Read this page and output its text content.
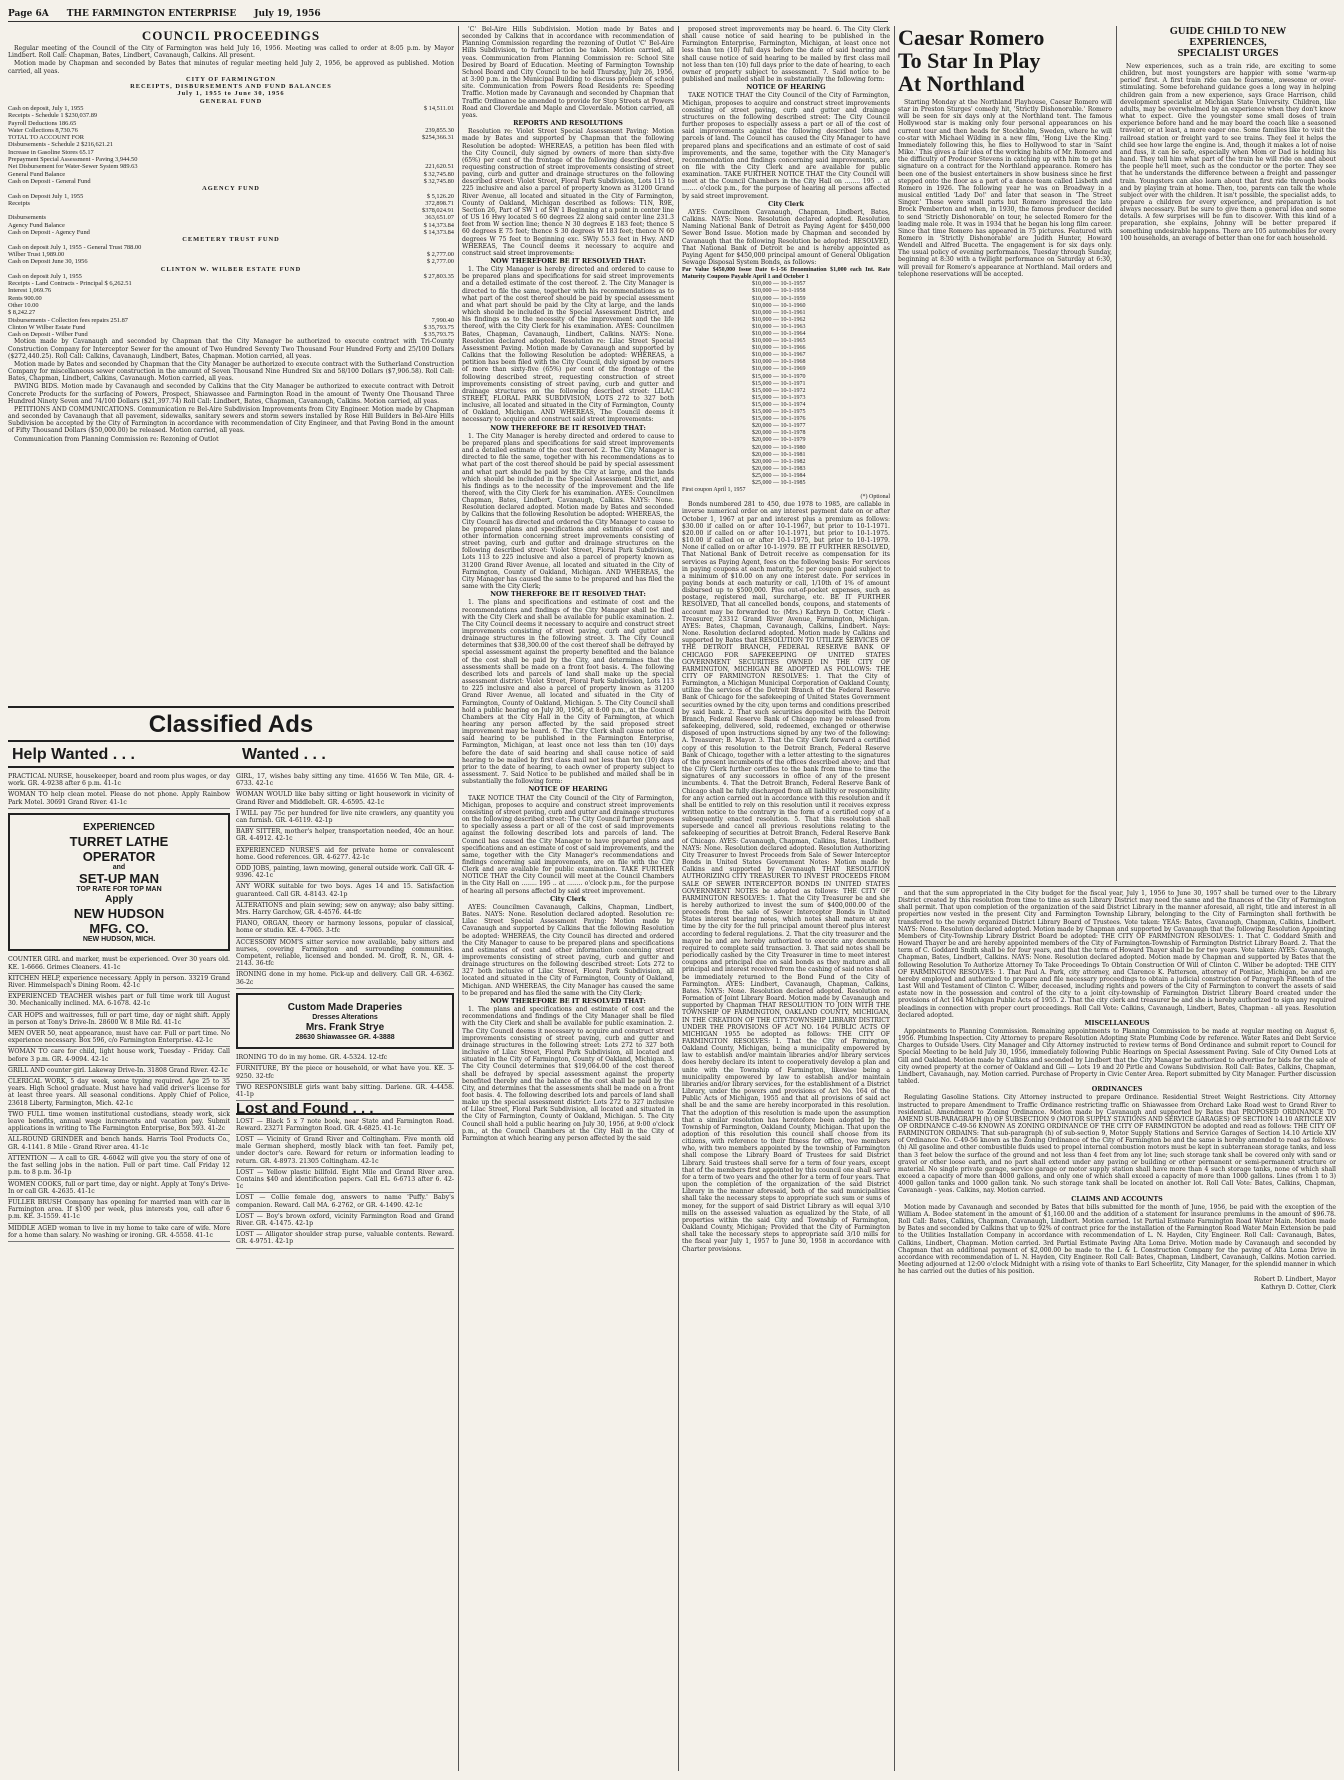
Page 6A THE FARMINGTON ENTERPRISE July 19, 1956
COUNCIL PROCEEDINGS

Regular meeting of the Council of the City of Farmington was held July 16, 1956. Meeting was called to order at 8:05 p.m. by Mayor Lindbert. Roll Call: Chapman, Bates, Lindbert, Cavanaugh, Calkins. All present.

Motion made by Chapman and seconded by Bates that minutes of regular meeting held July 2, 1956, be approved as published. Motion carried, all yeas.

CITY OF FARMINGTON
RECEIPTS, DISBURSEMENTS AND FUND BALANCES
July 1, 1955 to June 30, 1956
GENERAL FUND
Cash on deposit, July 1, 1955	$ 14,511.01
Receipts - Schedule 1 $230,037.89
Payroll Deductions 186.65
Water Collections 8,730.76	239,855.30
TOTAL TO ACCOUNT FOR	$254,366.31
Disbursements - Schedule 2 $216,621.21
Increase in Gasoline Stores 65.17
Prepayment Special Assessment - Paving 3,944.50
Net Disbursement for Water-Sewer System 989.63	221,620.51
General Fund Balance	$ 32,745.80
Cash on Deposit - General Fund	$ 32,745.80
AGENCY FUND
Cash on Deposit July 1, 1955	$ 5,126.20
Receipts	372,898.71
$378,024.91
Disbursements	363,651.07
Agency Fund Balance	$ 14,373.84
Cash on Deposit - Agency Fund	$ 14,373.84
CEMETERY TRUST FUND
Cash on deposit July 1, 1955 - General Trust 788.00
Wilber Trust 1,989.00	$ 2,777.00
Cash on Deposit June 30, 1956	$ 2,777.00
CLINTON W. WILBER ESTATE FUND
Cash on deposit July 1, 1955	$ 27,803.35
Receipts - Land Contracts - Principal $ 6,262.51
Interest 1,069.76
Rents 900.00
Other 10.00
$ 8,242.27
Disbursements - Collection fees repairs 251.87	7,990.40
Clinton W Wilber Estate Fund	$ 35,793.75
Cash on Deposit - Wilber Fund	$ 35,793.75

Motion made by Cavanaugh and seconded by Chapman that the City Manager be authorized to execute contract with Tri-County Construction Company for Interceptor Sewer for the amount of Two Hundred Seventy Two Thousand Four Hundred Forty and 25/100 Dollars ($272,440.25). Roll Call: Calkins, Cavanaugh, Lindbert, Bates, Chapman. Motion carried, all yeas.

Motion made by Bates and seconded by Chapman that the City Manager be authorized to execute contract with the Sutherland Construction Company for miscellaneous sewer construction in the amount of Seven Thousand Nine Hundred Six and 58/100 Dollars ($7,906.58). Roll Call: Bates, Chapman, Lindbert, Calkins, Cavanaugh. Motion carried, all yeas.

PAVING BIDS. Motion made by Cavanaugh and seconded by Calkins that the City Manager be authorized to execute contract with Detroit Concrete Products for the surfacing of Powers, Prospect, Shiawassee and Farmington Road in the amount of Twenty One Thousand Three Hundred Ninety Seven and 74/100 Dollars ($21,397.74) Roll Call: Lindbert, Bates, Chapman, Cavanaugh, Calkins. Motion carried, all yeas.

PETITIONS AND COMMUNICATIONS. Communication re Bel-Aire Subdivision Improvements from City Engineer. Motion made by Chapman and seconded by Cavanaugh that all pavement, sidewalks, sanitary sewers and storm sewers installed by Rose Hill Builders in Bel-Aire Hills Subdivision be accepted by the City of Farmington in accordance with recommendation of City Engineer, and that Paving Bond in the amount of Fifty Thousand Dollars ($50,000.00) be released. Motion carried, all yeas.

Communication from Planning Commission re: Rezoning of Outlot

Classified Ads
Help Wanted . . .	Wanted . . .
PRACTICAL NURSE, housekeeper, board and room plus wages, or day work. GR. 4-9238 after 6 p.m. 41-1c
WOMAN TO help clean motel. Please do not phone. Apply Rainbow Park Motel. 30691 Grand River. 41-1c
EXPERIENCED
TURRET LATHE
OPERATOR
and
SET-UP MAN
TOP RATE FOR TOP MAN
Apply
NEW HUDSON
MFG. CO.
NEW HUDSON, MICH.
COUNTER GIRL and marker, must be experienced. Over 30 years old. KE. 1-6666. Grimes Cleaners. 41-1c
KITCHEN HELP, experience necessary. Apply in person. 33219 Grand River. Himmelspach's Dining Room. 42-1c
EXPERIENCED TEACHER wishes part or full time work till August 30. Mechanically inclined. MA. 6-1678. 42-1c
CAR HOPS and waitresses, full or part time, day or night shift. Apply in person at Tony's Drive-In. 28600 W. 8 Mile Rd. 41-1c
MEN OVER 50, neat appearance, must have car. Full or part time. No experience necessary. Box 596, c/o Farmington Enterprise. 42-1c
WOMAN TO care for child, light house work, Tuesday - Friday. Call before 3 p.m. GR. 4-9094. 42-1c
GRILL AND counter girl. Lakeway Drive-In. 31808 Grand River. 42-1c
CLERICAL WORK, 5 day week, some typing required. Age 25 to 35 years. High School graduate. Must have had valid driver's license for at least three years. All seasonal conditions. Apply Chief of Police, 23618 Liberty, Farmington, Mich. 42-1c
TWO FULL time women institutional custodians, steady work, sick leave benefits, annual wage increments and vacation pay. Submit applications in writing to The Farmington Enterprise, Box 593. 41-2c
ALL-ROUND GRINDER and bench hands. Harris Tool Products Co., GR. 4-1141. 8 Mile - Grand River area. 41-1c
ATTENTION — A call to GR. 4-6042 will give you the story of one of the fast selling jobs in the nation. Full or part time. Call Friday 12 p.m. to 8 p.m. 36-1p
WOMEN COOKS, full or part time, day or night. Apply at Tony's Drive-In or call GR. 4-2635. 41-1c
FULLER BRUSH Company has opening for married man with car in Farmington area. If $100 per week, plus interests you, call after 6 p.m. KE. 3-1559. 41-1c
MIDDLE AGED woman to live in my home to take care of wife. More for a home than salary. No washing or ironing. GR. 4-5558. 41-1c
GIRL, 17, wishes baby sitting any time. 41656 W. Ten Mile, GR. 4-6733. 42-1c
WOMAN WOULD like baby sitting or light housework in vicinity of Grand River and Middlebelt. GR. 4-6595. 42-1c
I WILL pay 75c per hundred for live nite crawlers, any quantity you can furnish. GR. 4-6119. 42-1p
BABY SITTER, mother's helper, transportation needed, 40c an hour. GR. 4-4912. 42-1c
EXPERIENCED NURSE'S aid for private home or convalescent home. Good references. GR. 4-6277. 42-1c
ODD JOBS, painting, lawn mowing, general outside work. Call GR. 4-9396. 42-1c
ANY WORK suitable for two boys. Ages 14 and 15. Satisfaction guaranteed. Call GR. 4-8143. 42-1p
ALTERATIONS and plain sewing; sew on anyway; also baby sitting. Mrs. Harry Garchow, GR. 4-4576. 44-tfc
PIANO, ORGAN, theory or harmony lessons, popular of classical, home or studio. KE. 4-7065. 3-tfc
ACCESSORY MOM'S sitter service now available, baby sitters and nurses, covering Farmington and surrounding communities. Competent, reliable, licensed and bonded. M. Groff, R. N., GR. 4-2143. 36-tfc
IRONING done in my home. Pick-up and delivery. Call GR. 4-6362. 36-2c
Custom Made Draperies
Dresses Alterations
Mrs. Frank Strye
28630 Shiawassee GR. 4-3888
IRONING TO do in my home. GR. 4-5324. 12-tfc
FURNITURE, BY the piece or household, or what have you. KE. 3-9250. 32-tfc
TWO RESPONSIBLE girls want baby sitting. Darlene. GR. 4-4458. 41-1p
Lost and Found . . .
LOST — Black 5 x 7 note book, near State and Farmington Road. Reward. 23271 Farmington Road. GR. 4-6825. 41-1c
LOST — Vicinity of Grand River and Coltingham. Five month old male German shepherd, mostly black with tan feet. Family pet, under doctor's care. Reward for return or information leading to return. GR. 4-8973. 21305 Coltingham. 42-1c
LOST — Yellow plastic billfold. Eight Mile and Grand River area. Contains $40 and identification papers. Call EL. 6-6713 after 6. 42-1c
LOST — Collie female dog, answers to name 'Puffy.' Baby's companion. Reward. Call MA. 6-2762, or GR. 4-1490. 42-1c
LOST — Boy's brown oxford, vicinity Farmington Road and Grand River. GR. 4-1475. 42-1p
LOST — Alligator shoulder strap purse, valuable contents. Reward. GR. 4-9751. 42-1p

'C' Bel-Aire Hills Subdivision. Motion made by Bates and seconded by Calkins that in accordance with recommendation of Planning Commission regarding the rezoning of Outlot 'C' Bel-Aire Hills Subdivision, to further action be taken. Motion carried, all yeas. Communication from Planning Commission re: School Site Desired by Board of Education. Meeting of Farmington Township School Board and City Council to be held Thursday, July 26, 1956, at 3:00 p.m. in the Municipal Building to discuss problem of school site. Communication from Powers Road Residents re: Speeding Traffic. Motion made by Cavanaugh and seconded by Chapman that Traffic Ordinance be amended to provide for Stop Streets at Powers Road and Cloverdale and Maple and Cloverdale. Motion carried, all yeas.

REPORTS AND RESOLUTIONS

Resolution re: Violet Street Special Assessment Paving: Motion made by Bates and supported by Chapman that the following Resolution be adopted: WHEREAS, a petition has been filed with the City Council, duly signed by owners of more than sixty-five (65%) per cent of the frontage of the following described street, requesting construction of street improvements consisting of street paving, curb and gutter and drainage structures on the following described street: Violet Street, Floral Park Subdivision, Lots 113 to 225 inclusive and also a parcel of property known as 31200 Grand River Avenue, all located and situated in the City of Farmington, County of Oakland, Michigan described as follows: T1N, R9E, Section 26, Part of SW 1 of SW 1 Beginning at a point in center line of US 16 Hwy located S 60 degrees 22 along said center line 231.3 feet from W section line; thence N 30 degrees E 183 feet; thence S 60 degrees E 75 feet; thence S 30 degrees W 183 feet; thence N 60 degrees W 75 feet to Beginning exc. SWly 55.3 feet in Hwy. AND WHEREAS, The Council deems it necessary to acquire and construct said street improvements:

NOW THEREFORE BE IT RESOLVED THAT:

1. The City Manager is hereby directed and ordered to cause to be prepared plans and specifications for said street improvements and a detailed estimate of the cost thereof. 2. The City Manager is directed to file the same, together with his recommendations as to what part of the cost thereof should be paid by special assessment and what part should be paid by the City at large, and the lands which should be included in the Special Assessment District, and his findings as to the necessity of the improvement and the life thereof, with the City Clerk for his examination. AYES: Councilmen Bates, Chapman, Cavanaugh, Lindbert, Calkins. NAYS: None. Resolution declared adopted. Resolution re: Lilac Street Special Assessment Paving. Motion made by Cavanaugh and supported by Calkins that the following Resolution be adopted: WHEREAS, a petition has been filed with the City Council, duly signed by owners of more than sixty-five (65%) per cent of the frontage of the following described street, requesting construction of street improvements consisting of street paving, curb and gutter and drainage structures on the following described street: LILAC STREET, FLORAL PARK SUBDIVISION, LOTS 272 to 327 both inclusive, all located and situated in the City of Farmington, County of Oakland, Michigan. AND WHEREAS, The Council deems it necessary to acquire and construct said street improvements:

NOW THEREFORE BE IT RESOLVED THAT:

1. The City Manager is hereby directed and ordered to cause to be prepared plans and specifications for said street improvements and a detailed estimate of the cost thereof. 2. The City Manager is directed to file the same, together with his recommendations as to what part of the cost thereof should be paid by special assessment and what part should be paid by the City at large, and the lands which should be included in the Special Assessment District, and his findings as to the necessity of the improvement and the life thereof, with the City Clerk for his examination. AYES: Councilmen Chapman, Bates, Lindbert, Cavanaugh, Calkins. NAYS: None. Resolution declared adopted. Motion made by Bates and seconded by Calkins that the following Resolution be adopted: WHEREAS, the City Council has directed and ordered the City Manager to cause to be prepared plans and specifications and estimates of cost and other information concerning street improvements consisting of street paving, curb and gutter and drainage structures on the following described street: Violet Street, Floral Park Subdivision, Lots 113 to 225 inclusive and also a parcel of property known as 31200 Grand River Avenue, all located and situated in the City of Farmington, County of Oakland, Michigan. AND WHEREAS, the City Manager has caused the same to be prepared and has filed the same with the City Clerk;

NOW THEREFORE BE IT RESOLVED THAT:

1. The plans and specifications and estimate of cost and the recommendations and findings of the City Manager shall be filed with the City Clerk and shall be available for public examination. 2. The City Council deems it necessary to acquire and construct street improvements consisting of street paving, curb and gutter and drainage structures in the following street. 3. The City Council determines that $38,300.00 of the cost thereof shall be defrayed by special assessment against the property benefited and the balance of the cost shall be paid by the City, and determines that the assessments shall be made on a front foot basis. 4. The following described lots and parcels of land shall make up the special assessment district: Violet Street, Floral Park Subdivision, Lots 113 to 225 inclusive and also a parcel of property known as 31200 Grand River Avenue, all located and situated in the City of Farmington, County of Oakland, Michigan. 5. The City Council shall hold a public hearing on July 30, 1956, at 8:00 p.m., at the Council Chambers at the City Hall in the City of Farmington, at which hearing any person affected by the said proposed street improvement may be heard. 6. The City Clerk shall cause notice of said hearing to be published in the Farmington Enterprise, Farmington, Michigan, at least once not less than ten (10) days before the date of said hearing and shall cause notice of said hearing to be mailed by first class mail not less than ten (10) days prior to the date of hearing, to each owner of property subject to assessment. 7. Said Notice to be published and mailed shall be in substantially the following form:

NOTICE OF HEARING

TAKE NOTICE THAT the City Council of the City of Farmington, Michigan, proposes to acquire and construct street improvements consisting of street paving, curb and gutter and drainage structures on the following described street: The City Council further proposes to specially assess a part or all of the cost of said improvements against the following described lots and parcels of land. The Council has caused the City Manager to have prepared plans and specifications and an estimate of cost of said improvements, and the same, together with the City Manager's recommendations and findings concerning said improvements, are on file with the City Clerk and are available for public examination. TAKE FURTHER NOTICE THAT the City Council will meet at the Council Chambers in the City Hall on ........ 195 .. at ........ o'clock p.m., for the purpose of hearing all persons affected by said street improvement.

City Clerk

AYES: Councilmen Cavanaugh, Calkins, Chapman, Lindbert, Bates. NAYS: None. Resolution declared adopted. Resolution re: Lilac Street Special Assessment Paving: Motion made by Cavanaugh and supported by Calkins that the following Resolution be adopted: WHEREAS, the City Council has directed and ordered the City Manager to cause to be prepared plans and specifications and estimates of cost and other information concerning street improvements consisting of street paving, curb and gutter and drainage structures on the following described street: Lots 272 to 327 both inclusive of Lilac Street, Floral Park Subdivision, all located and situated in the City of Farmington, County of Oakland, Michigan. AND WHEREAS, the City Manager has caused the same to be prepared and has filed the same with the City Clerk;

NOW THEREFORE BE IT RESOLVED THAT:

1. The plans and specifications and estimate of cost and the recommendations and findings of the City Manager shall be filed with the City Clerk and shall be available for public examination. 2. The City Council deems it necessary to acquire and construct street improvements consisting of street paving, curb and gutter and drainage structures in the following street: Lots 272 to 327 both inclusive of Lilac Street, Floral Park Subdivision, all located and situated in the City of Farmington, County of Oakland, Michigan. 3. The City Council determines that $19,064.00 of the cost thereof shall be defrayed by special assessment against the property benefited thereby and the balance of the cost shall be paid by the City, and determines that the assessments shall be made on a front foot basis. 4. The following described lots and parcels of land shall make up the special assessment district: Lots 272 to 327 inclusive of Lilac Street, Floral Park Subdivision, all located and situated in the City of Farmington, County of Oakland, Michigan. 5. The City Council shall hold a public hearing on July 30, 1956, at 9:00 o'clock p.m., at the Council Chambers at the City Hall in the City of Farmington at which hearing any person affected by the said

proposed street improvements may be heard. 6. The City Clerk shall cause notice of said hearing to be published in the Farmington Enterprise, Farmington, Michigan, at least once not less than ten (10) full days before the date of said hearing and shall cause notice of said hearing to be mailed by first class mail not less than ten (10) full days prior to the date of hearing, to each owner of property subject to assessment. 7. Said notice to be published and mailed shall be in substantially the following form:

NOTICE OF HEARING

TAKE NOTICE THAT the City Council of the City of Farmington, Michigan, proposes to acquire and construct street improvements consisting of street paving, curb and gutter and drainage structures on the following described street: The City Council further proposes to especially assess a part or all of the cost of said improvements against the following described lots and parcels of land. The Council has caused the City Manager to have prepared plans and specifications and an estimate of cost of said improvements, and the same, together with the City Manager's recommendation and findings concerning said improvements, are on file with the City Clerk and are available for public examination. TAKE FURTHER NOTICE THAT the City Council will meet at the Council Chambers in the City Hall on ........ 195 .. at ........ o'clock p.m., for the purpose of hearing all persons affected by said street improvement.

City Clerk

AYES: Councilmen Cavanaugh, Chapman, Lindbert, Bates, Calkins. NAYS: None. Resolution declared adopted. Resolution Naming National Bank of Detroit as Paying Agent for $450,000 Sewer Bond Issue. Motion made by Chapman and seconded by Cavanaugh that the following Resolution be adopted: RESOLVED, That National Bank of Detroit be and is hereby appointed as Paying Agent for $450,000 principal amount of General Obligation Sewage Disposal System Bonds, as follows:

Par Value $450,000 Issue Date 6-1-56 Denomination $1,000 each Int. Rate Maturity Coupons Payable April 1 and October 1
$10,000 — 10-1-1957
$10,000 — 10-1-1958
$10,000 — 10-1-1959
$10,000 — 10-1-1960
$10,000 — 10-1-1961
$10,000 — 10-1-1962
$10,000 — 10-1-1963
$10,000 — 10-1-1964
$10,000 — 10-1-1965
$10,000 — 10-1-1966
$10,000 — 10-1-1967
$10,000 — 10-1-1968
$10,000 — 10-1-1969
$15,000 — 10-1-1970
$15,000 — 10-1-1971
$15,000 — 10-1-1972
$15,000 — 10-1-1973
$15,000 — 10-1-1974
$15,000 — 10-1-1975
$15,000 — 10-1-1976
$20,000 — 10-1-1977
$20,000 — 10-1-1978
$20,000 — 10-1-1979
$20,000 — 10-1-1980
$20,000 — 10-1-1981
$20,000 — 10-1-1982
$20,000 — 10-1-1983
$25,000 — 10-1-1984
$25,000 — 10-1-1985
First coupon April 1, 1957
(*) Optional

Bonds numbered 281 to 450, due 1978 to 1985, are callable in inverse numerical order on any interest payment date on or after October 1, 1967 at par and interest plus a premium as follows: $30.00 if called on or after 10-1-1967, but prior to 10-1-1971. $20.00 if called on or after 10-1-1971, but prior to 10-1-1975. $10.00 if called on or after 10-1-1975, but prior to 10-1-1979. None if called on or after 10-1-1979. BE IT FURTHER RESOLVED, That National Bank of Detroit receive as compensation for its services as Paying Agent, fees on the following basis: For services in paying coupons at each maturity, 5c per coupon paid subject to a minimum of $10.00 on any one interest date. For services in paying bonds at each maturity or call, 1/10th of 1% of amount disbursed up to $500,000. Plus out-of-pocket expenses, such as postage, registered mail, surcharge, etc. BE IT FURTHER RESOLVED, That all cancelled bonds, coupons, and statements of account may be forwarded to: (Mrs.) Kathryn D. Cotter, Clerk - Treasurer, 23312 Grand River Avenue, Farmington, Michigan. AYES: Bates, Chapman, Cavanaugh, Calkins, Lindbert. Nays: None. Resolution declared adopted. Motion made by Calkins and supported by Bates that RESOLUTION TO UTILIZE SERVICES OF THE DETROIT BRANCH, FEDERAL RESERVE BANK OF CHICAGO FOR SAFEKEEPING OF UNITED STATES GOVERNMENT SECURITIES OWNED IN THE CITY OF FARMINGTON, MICHIGAN BE ADOPTED AS FOLLOWS: THE CITY OF FARMINGTON RESOLVES: 1. That the City of Farmington, a Michigan Municipal Corporation of Oakland County, utilize the services of the Detroit Branch of the Federal Reserve Bank of Chicago for the safekeeping of United States Government securities owned by the city, upon terms and conditions prescribed by said bank. 2. That such securities deposited with the Detroit Branch, Federal Reserve Bank of Chicago may be released from safekeeping, delivered, sold, redeemed, exchanged or otherwise disposed of upon instructions signed by any two of the following: A. Treasurer; B. Mayor. 3. That the City Clerk forward a certified copy of this resolution to the Detroit Branch, Federal Reserve Bank of Chicago, together with a letter attesting to the signatures of the present incumbents of the offices described above; and that the City Clerk further certifies to the bank from time to time the signatures of any successors in office of any of the present incumbents. 4. That the Detroit Branch, Federal Reserve Bank of Chicago shall be fully discharged from all liability or responsibility for any action carried out in accordance with this resolution and it shall be entitled to rely on this resolution until it receives express written notice to the contrary in the form of a certified copy of a subsequently enacted resolution. 5. That this resolution shall supersede and cancel all previous resolutions relating to the safekeeping of securities at Detroit Branch, Federal Reserve Bank of Chicago. AYES: Cavanaugh, Chapman, Calkins, Bates, Lindbert. NAYS: None. Resolution declared adopted. Resolution Authorizing City Treasurer to Invest Proceeds from Sale of Sewer Interceptor Bonds in United States Government Notes: Motion made by Calkins and supported by Cavanaugh THAT RESOLUTION AUTHORIZING CITY TREASURER TO INVEST PROCEEDS FROM SALE OF SEWER INTERCEPTOR BONDS IN UNITED STATES GOVERNMENT NOTES be adopted as follows: THE CITY OF FARMINGTON RESOLVES: 1. That the City Treasurer be and she is hereby authorized to invest the sum of $400,000.00 of the proceeds from the sale of Sewer Interceptor Bonds in United States interest bearing notes, which notes shall mature at any time by the city for the full principal amount thereof plus interest according to federal regulations. 2. That the city treasurer and the mayor be and are hereby authorized to execute any documents required to complete said transaction. 3. That said notes shall be periodically cashed by the City Treasurer in time to meet interest coupons and principal due on said bonds as they mature and all principal and interest received from the cashing of said notes shall be immediately returned to the Bond Fund of the City of Farmington. AYES: Lindbert, Cavanaugh, Chapman, Calkins, Bates. NAYS: None. Resolution declared adopted. Resolution re Formation of Joint Library Board. Motion made by Cavanaugh and supported by Chapman THAT RESOLUTION TO JOIN WITH THE TOWNSHIP OF FARMINGTON, OAKLAND COUNTY, MICHIGAN, IN THE CREATION OF THE CITY-TOWNSHIP LIBRARY DISTRICT UNDER THE PROVISIONS OF ACT NO. 164 PUBLIC ACTS OF MICHIGAN 1955 be adopted as follows: THE CITY OF FARMINGTON RESOLVES: 1. That the City of Farmington, Oakland County, Michigan, being a municipality empowered by law to establish and/or maintain libraries and/or library services does hereby declare its intent to cooperatively develop a plan and unite with the Township of Farmington, likewise being a municipality empowered by law to establish and/or maintain libraries and/or library services, for the establishment of a District Library, under the powers and provisions of Act No. 164 of the Public Acts of Michigan, 1955 and that all provisions of said act shall be and the same are hereby incorporated in this resolution. That the adoption of this resolution is made upon the assumption that a similar resolution has heretofore been adopted by the Township of Farmington, Oakland County, Michigan. That upon the adoption of this resolution this council shall choose from its citizens, with reference to their fitness for office, two members who, with two members appointed by the township of Farmington shall compose the Library Board of Trustees for said District Library. Said trustees shall serve for a term of four years, except that of the members first appointed by this council one shall serve for a term of two years and the other for a term of four years. That upon the completion of the organization of the said District Library in the manner aforesaid, both of the said municipalities shall take the necessary steps to appropriate such sum or sums of money, for the support of said District Library as will equal 3/10 mills on the assessed valuation as equalized by the State, of all properties within the said City and Township of Farmington, Oakland County, Michigan; Provided that the City of Farmington shall take the necessary steps to appropriate said 3/10 mills for the fiscal year July 1, 1957 to June 30, 1958 in accordance with Charter provisions.

Caesar Romero
To Star In Play
At Northland

Starting Monday at the Northland Playhouse, Caesar Romero will star in Preston Sturges' comedy hit, 'Strictly Dishonorable.' Romero will be seen for six days only at the Northland tent. The famous Hollywood star is making only four personal appearances on his current tour and then heads for Stockholm, Sweden, where he will co-star with Michael Wilding in a new film, 'Hong Live the King.' Immediately following this, he flies to Hollywood to star in 'Saint Mike.' This gives a fair idea of the working habits of Mr. Romero and the difficulty of Producer Stevens in catching up with him to get his signature on a contract for the Northland appearance. Romero has been one of the busiest entertainers in show business since he first stepped onto the floor as a part of a dance team called Lisbeth and Romero in 1926. The following year he was on Broadway in a musical entitled 'Lady Do!' and later that season in 'The Street Singer.' These were small parts but Romero impressed the late Brock Pemberton and when, in 1930, the famous producer decided to send 'Strictly Dishonorable' on tour, he selected Romero for the leading male role. It was in 1934 that he began his long film career. Since that time Romero has appeared in 75 pictures. Featured with Romero in 'Strictly Dishonorable' are Judith Hunter, Howard Wendell and Alfred Bucetta. The engagement is for six days only. The usual policy of evening performances, Tuesday through Sunday, beginning at 8:30 with a twilight performance on Saturday at 6:30, will prevail for Romero's appearance at Northland. Mail orders and telephone reservations will be accepted.

GUIDE CHILD TO NEW
EXPERIENCES,
SPECIALIST URGES

New experiences, such as a train ride, are exciting to some children, but most youngsters are happier with some 'warm-up period' first. A first train ride can be fearsome, awesome or over-stimulating. Some beforehand guidance goes a long way in helping children gain from a new experience, says Grace Harrison, child development specialist at Michigan State University. Children, like adults, may be overwhelmed by an experience when they don't know what to expect. Give the youngster some small doses of train experience before hand and he may board the coach like a seasoned traveler, or at least, a more eager one. Some families like to visit the railroad station or freight yard to see trains. They feel it helps the child see how large the engine is. And, though it makes a lot of noise and fuss, it can be safe, especially when Mom or Dad is holding his hand. They tell him what part of the train he will ride on and about the people he'll meet, such as the conductor or the porter. They see that he understands the difference between a freight and passenger train. Youngsters can also learn about that first ride through books and by playing train at home. Then, too, parents can talk the whole subject over with the children. It isn't possible, the specialist adds, to prepare a children for every experience, and preparation is not always necessary. But be sure to give them a general idea and some details. A few surprises will be fun to discover. With this kind of a preparation, she explains, Johnny will be better prepared if something undesirable happens. There are 105 automobiles for every 100 households, an average of better than one for each household.

and that the sum appropriated in the City budget for the fiscal year, July 1, 1956 to June 30, 1957 shall be turned over to the Library District created by this resolution from time to time as such Library District may need the same and the finances of the City of Farmington shall permit. That upon completion of the organization of the said District Library in the manner aforesaid, all right, title and interest in all properties now vested in the present City and Farmington Township Library, belonging to the City of Farmington shall forthwith be transferred to the newly organized District Library Board of Trustees. Vote taken: YEAS: Bates, Cavanaugh, Chapman, Calkins, Lindbert. NAYS: None. Resolution declared adopted. Motion made by Chapman and supported by Cavanaugh that the following Resolution Appointing Members of City-Township Library District Board be adopted: THE CITY OF FARMINGTON RESOLVES: 1. That C. Goddard Smith and Howard Thayer be and are hereby appointed members of the City of Farmington-Township of Farmington District Library Board. 2. That the term of C. Goddard Smith shall be for four years, and that the term of Howard Thayer shall be for two years. Vote taken: AYES: Cavanaugh, Chapman, Bates, Lindbert, Calkins. NAYS: None. Resolution declared adopted. Motion made by Chapman and supported by Bates that the following Resolution To Authorize Attorney To Take Proceedings To Obtain Construction Of Will of Clinton C. Wilber be adopted: THE CITY OF FARMINGTON RESOLVES: 1. That Paul A. Park, city attorney, and Clarence K. Patterson, attorney of Pontiac, Michigan, be and are hereby employed and authorized to prepare and file necessary proceedings to obtain a judicial construction of Paragraph Fifteenth of the Last Will and Testament of Clinton C. Wilber, deceased, including rights and powers of the City of Farmington to convert the assets of said estate now in the possession and control of the city to a joint city-township of Farmington District Library Board created under the provisions of Act 164 Michigan Public Acts of 1955. 2. That the city clerk and treasurer be and she is hereby authorized to sign any required pleadings in connection with proper court proceedings. Roll Call Vote: Calkins, Cavanaugh, Lindbert, Bates, Chapman - all yeas. Resolution declared adopted.

MISCELLANEOUS

Appointments to Planning Commission. Remaining appointments to Planning Commission to be made at regular meeting on August 6, 1956. Plumbing Inspection. City Attorney to prepare Resolution Adopting State Plumbing Code by reference. Water Rates and Debt Service Charges to Outside Users. City Manager and City Attorney instructed to review terms of Bond Ordinance and submit report to Council for Special Meeting to be held July 30, 1956, immediately following Public Hearings on Special Assessment Paving. Sale of City Owned Lots at Gill and Oakland. Motion made by Calkins and seconded by Lindbert that the City Manager be authorized to advertise for bids for the sale of city owned property at the corner of Oakland and Gill — Lots 19 and 20 Pirtle and Cowans Subdivision. Roll Call: Bates, Calkins, Chapman, Lindbert, Cavanaugh, nay. Motion carried. Purchase of Property in Civic Center Area. Report submitted by City Manager. Further discussion tabled.

ORDINANCES

Regulating Gasoline Stations. City Attorney instructed to prepare Ordinance. Residential Street Weight Restrictions. City Attorney instructed to prepare Amendment to Traffic Ordinance restricting traffic on Shiawassee from Orchard Lake Road west to Grand River to residential. Amendment to Zoning Ordinance. Motion made by Cavanaugh and supported by Bates that PROPOSED ORDINANCE TO AMEND SUB-PARAGRAPH (h) OF SUBSECTION 9 (MOTOR SUPPLY STATIONS AND SERVICE GARAGES) OF SECTION 14.10 ARTICLE XIV OF ORDINANCE C-49-56 KNOWN AS ZONING ORDINANCE OF THE CITY OF FARMINGTON be adopted and read as follows: THE CITY OF FARMINGTON ORDAINS: That sub-paragraph (h) of sub-section 9, Motor Supply Stations and Service Garages of Section 14.10 Article XIV of Ordinance No. C-49-56 known as the Zoning Ordinance of the City of Farmington be and the same is hereby amended to read as follows: (h) All gasoline and other combustible fluids used to propel internal combustion motors must be kept in subterranean storage tanks, and less than 3 feet below the surface of the ground and not less than 4 feet from any lot line; such storage tank shall be covered only with sand or gravel or other loose earth, and no part shall extend under any paving or building or other permanent or semi-permanent structure or material. No single private garage, service garage or motor supply station shall have more than 4 such storage tanks, none of which shall exceed a capacity of more than 4000 gallons, and only one of which shall exceed a capacity of more than 1000 gallons. Lines (from 1 to 3) 4000 gallon tanks and 1000 gallon tank. No such storage tank shall be located on another lot. Roll Call Vote: Bates, Calkins, Chapman, Cavanaugh - yeas. Calkins, nay. Motion carried.

CLAIMS AND ACCOUNTS

Motion made by Cavanaugh and seconded by Bates that bills submitted for the month of June, 1956, be paid with the exception of the William A. Bodee statement in the amount of $1,160.00 and the addition of a statement for insurance premiums in the amount of $96.78. Roll Call: Bates, Calkins, Chapman, Cavanaugh, Lindbert. Motion carried. 1st Partial Estimate Farmington Road Water Main. Motion made by Bates and seconded by Calkins that up to 92% of contract price for the installation of the Farmington Road Water Main Extension be paid to the Utilities Installation Company in accordance with recommendation of L. N. Hayden, City Engineer. Roll Call: Cavanaugh, Bates, Calkins, Lindbert, Chapman. Motion carried. 3rd Partial Estimate Paving Alta Loma Drive. Motion made by Cavanaugh and seconded by Chapman that an additional payment of $2,000.00 be made to the L & L Construction Company for the paving of Alta Loma Drive in accordance with recommendation of L. N. Hayden, City Engineer. Roll Call: Bates, Chapman, Lindbert, Cavanaugh, Calkins. Motion carried. Meeting adjourned at 12:00 o'clock Midnight with a rising vote of thanks to Earl Scheerlitz, City Manager, for the splendid manner in which he has carried out the duties of his position.

Robert D. Lindbert, Mayor

Kathryn D. Cotter, Clerk
